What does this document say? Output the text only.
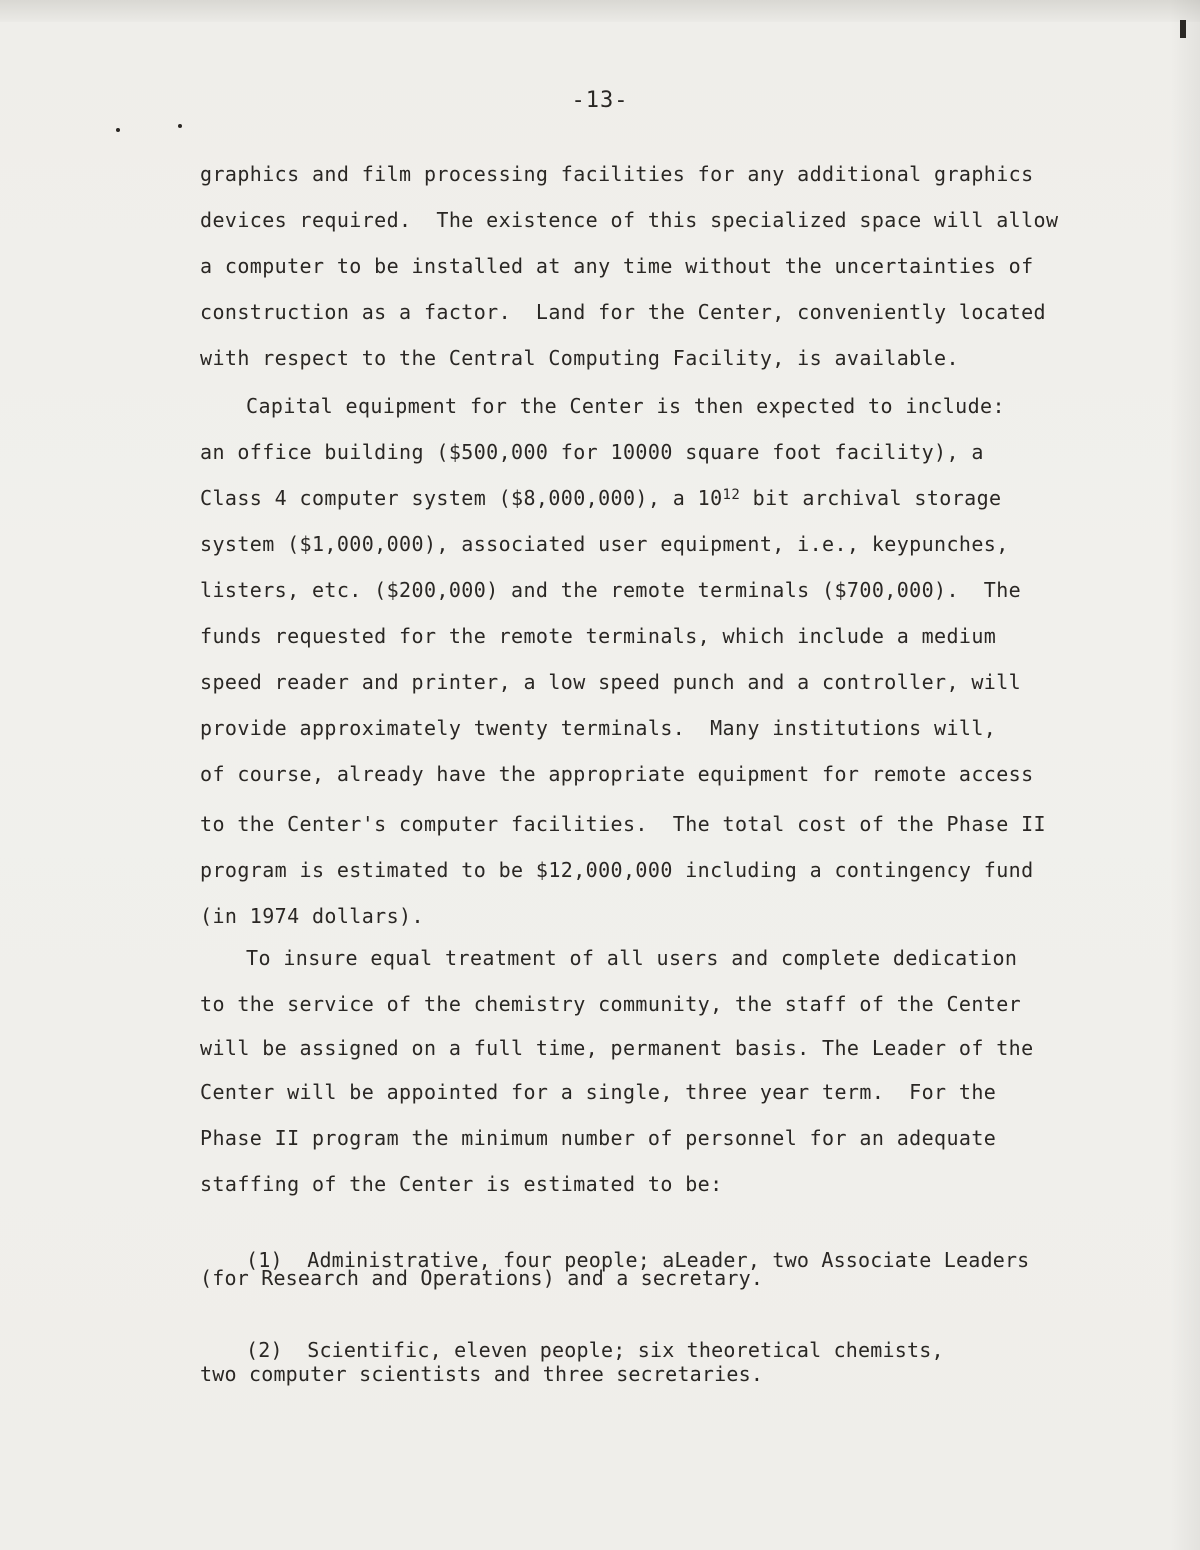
-13-
graphics and film processing facilities for any additional graphics
devices required.  The existence of this specialized space will allow
a computer to be installed at any time without the uncertainties of
construction as a factor.  Land for the Center, conveniently located
with respect to the Central Computing Facility, is available.
Capital equipment for the Center is then expected to include:
an office building ($500,000 for 10000 square foot facility), a
Class 4 computer system ($8,000,000), a $10^{12}$ bit archival storage
system ($1,000,000), associated user equipment, i.e., keypunches,
listers, etc. ($200,000) and the remote terminals ($700,000).  The
funds requested for the remote terminals, which include a medium
speed reader and printer, a low speed punch and a controller, will
provide approximately twenty terminals.  Many institutions will,
of course, already have the appropriate equipment for remote access
to the Center's computer facilities.  The total cost of the Phase II
program is estimated to be $12,000,000 including a contingency fund
(in 1974 dollars).
To insure equal treatment of all users and complete dedication
to the service of the chemistry community, the staff of the Center
will be assigned on a full time, permanent basis. The Leader of the
Center will be appointed for a single, three year term.  For the
Phase II program the minimum number of personnel for an adequate
staffing of the Center is estimated to be:
(1)  Administrative, four people; aLeader, two Associate Leaders
(for Research and Operations) and a secretary.
(2)  Scientific, eleven people; six theoretical chemists,
two computer scientists and three secretaries.
